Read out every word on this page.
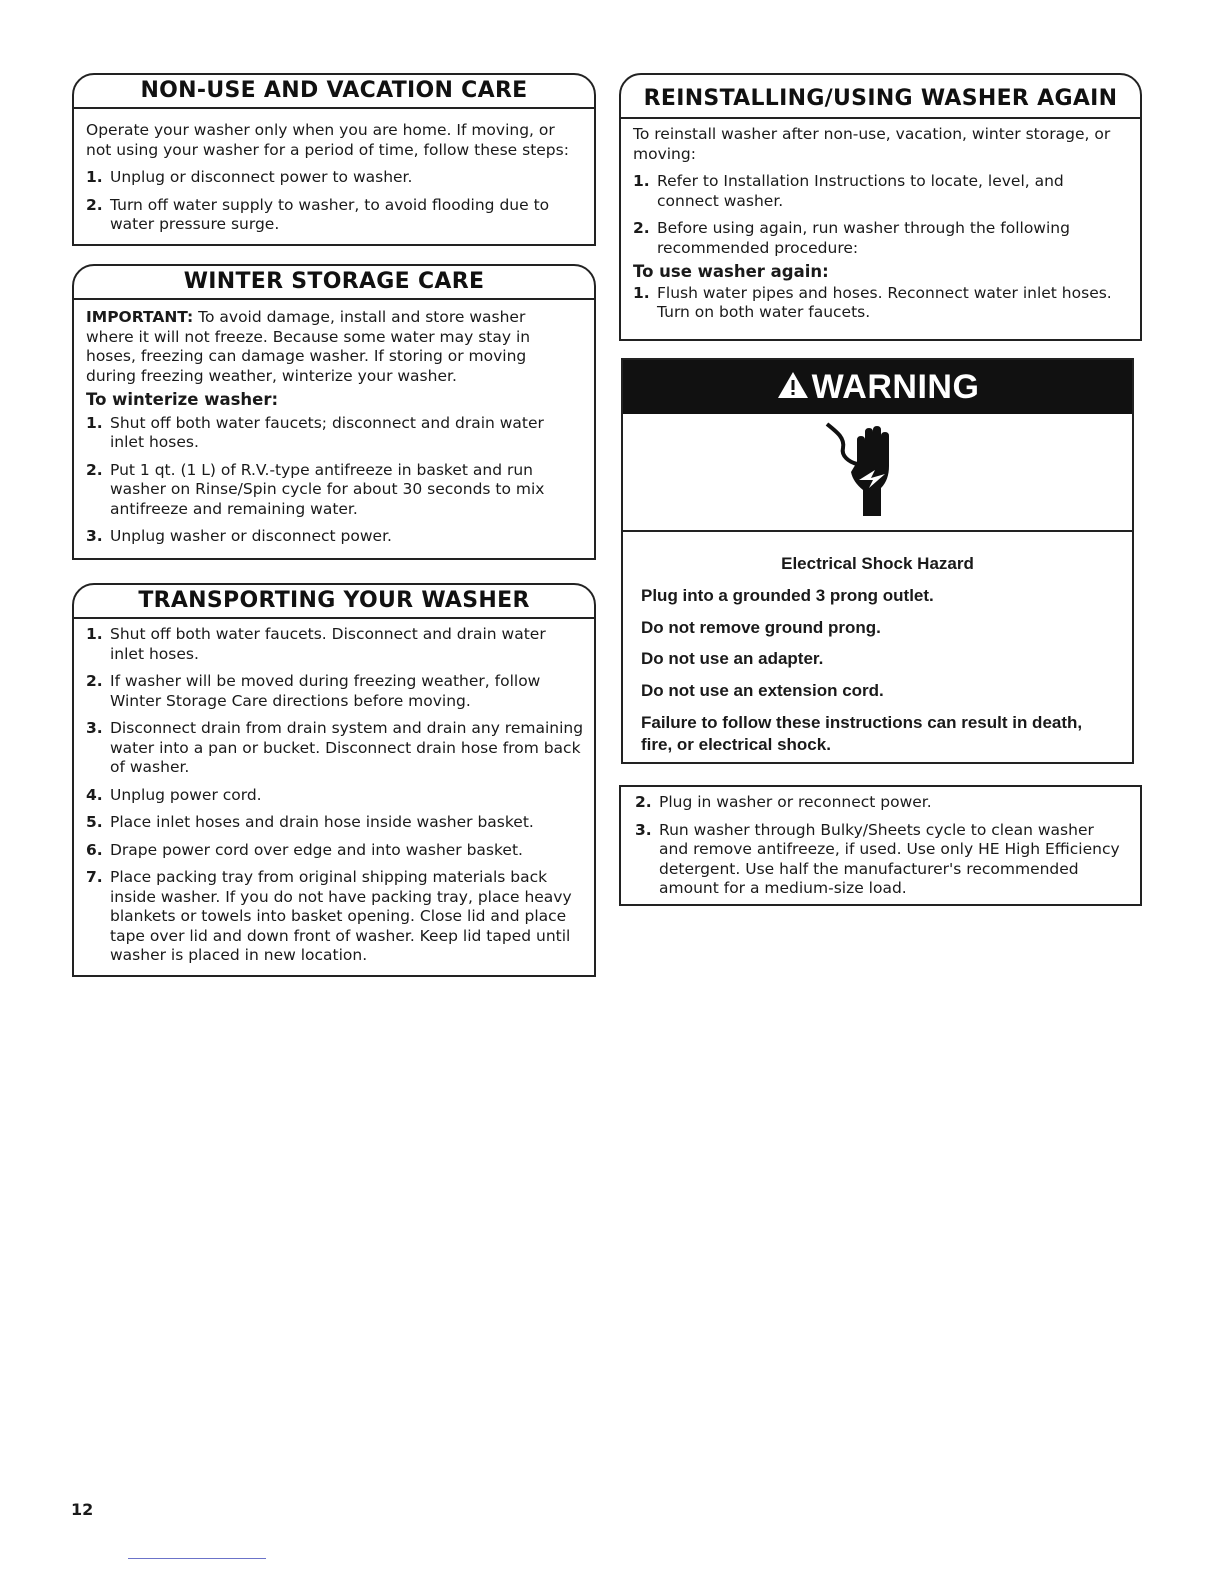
NON-USE AND VACATION CARE

Operate your washer only when you are home. If moving, or not using your washer for a period of time, follow these steps:

1. Unplug or disconnect power to washer.
2. Turn off water supply to washer, to avoid flooding due to water pressure surge.
WINTER STORAGE CARE

IMPORTANT: To avoid damage, install and store washer where it will not freeze. Because some water may stay in hoses, freezing can damage washer. If storing or moving during freezing weather, winterize your washer.

To winterize washer:
1. Shut off both water faucets; disconnect and drain water inlet hoses.
2. Put 1 qt. (1 L) of R.V.-type antifreeze in basket and run washer on Rinse/Spin cycle for about 30 seconds to mix antifreeze and remaining water.
3. Unplug washer or disconnect power.
TRANSPORTING YOUR WASHER
1. Shut off both water faucets. Disconnect and drain water inlet hoses.
2. If washer will be moved during freezing weather, follow Winter Storage Care directions before moving.
3. Disconnect drain from drain system and drain any remaining water into a pan or bucket. Disconnect drain hose from back of washer.
4. Unplug power cord.
5. Place inlet hoses and drain hose inside washer basket.
6. Drape power cord over edge and into washer basket.
7. Place packing tray from original shipping materials back inside washer. If you do not have packing tray, place heavy blankets or towels into basket opening. Close lid and place tape over lid and down front of washer. Keep lid taped until washer is placed in new location.
REINSTALLING/USING WASHER AGAIN

To reinstall washer after non-use, vacation, winter storage, or moving:

1. Refer to Installation Instructions to locate, level, and connect washer.
2. Before using again, run washer through the following recommended procedure:
To use washer again:
1. Flush water pipes and hoses. Reconnect water inlet hoses. Turn on both water faucets.
WARNING
Electrical Shock Hazard
Plug into a grounded 3 prong outlet.
Do not remove ground prong.
Do not use an adapter.
Do not use an extension cord.
Failure to follow these instructions can result in death, fire, or electrical shock.
2. Plug in washer or reconnect power.
3. Run washer through Bulky/Sheets cycle to clean washer and remove antifreeze, if used. Use only HE High Efficiency detergent. Use half the manufacturer's recommended amount for a medium-size load.
12
